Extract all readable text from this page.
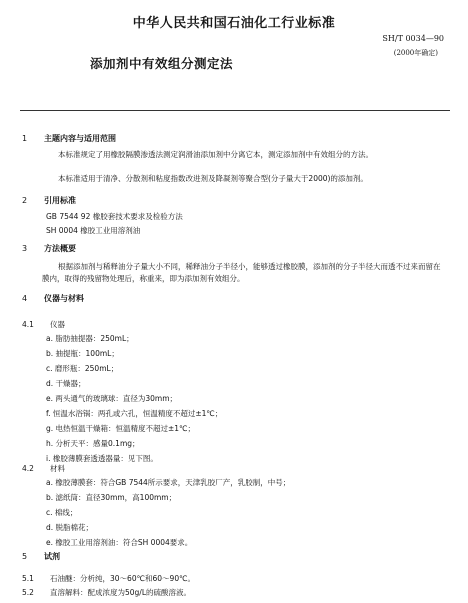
中华人民共和国石油化工行业标准
SH/T 0034—90
(2000年确定)
添加剂中有效组分测定法
1 主题内容与适用范围
本标准规定了用橡胶隔膜渗透法测定润滑油添加剂中分离它本，测定添加剂中有效组分的方法。
本标准适用于清净、分散剂和粘度指数改进剂及降凝剂等聚合型(分子量大于2000)的添加剂。
2 引用标准
GB 7544 92 橡胶套技术要求及检验方法
SH 0004 橡胶工业用溶剂油
3 方法概要
根据添加剂与稀释油分子量大小不同，稀释油分子半径小，能够透过橡胶膜，添加剂的分子半径大而透不过来而留在膜内，取得的残留物处理后，称重来，即为添加剂有效组分。
4 仪器与材料
4.1 仪器
a. 脂肪抽提器：250mL；
b. 抽提瓶：100mL；
c. 磨形瓶：250mL；
d. 干燥器；
e. 两头通气的玻璃球：直径为30mm；
f. 恒温水浴锅：两孔或六孔，恒温精度不超过±1℃；
g. 电热恒温干燥箱：恒温精度不超过±1℃；
h. 分析天平：感量0.1mg；
i. 橡胶薄膜套透透器量：见下图。
4.2 材料
a. 橡胶薄膜套：符合GB 7544所示要求，天津乳胶厂产，乳胶制，中号；
b. 滤纸筒：直径30mm，高100mm；
c. 棉线；
d. 脱脂棉花；
e. 橡胶工业用溶剂油：符合SH 0004要求。
5 试剂
5.1 石油醚：分析纯，30～60℃和60～90℃。
5.2 直溶解料：配成浓度为50g/L的硫酸溶液。
